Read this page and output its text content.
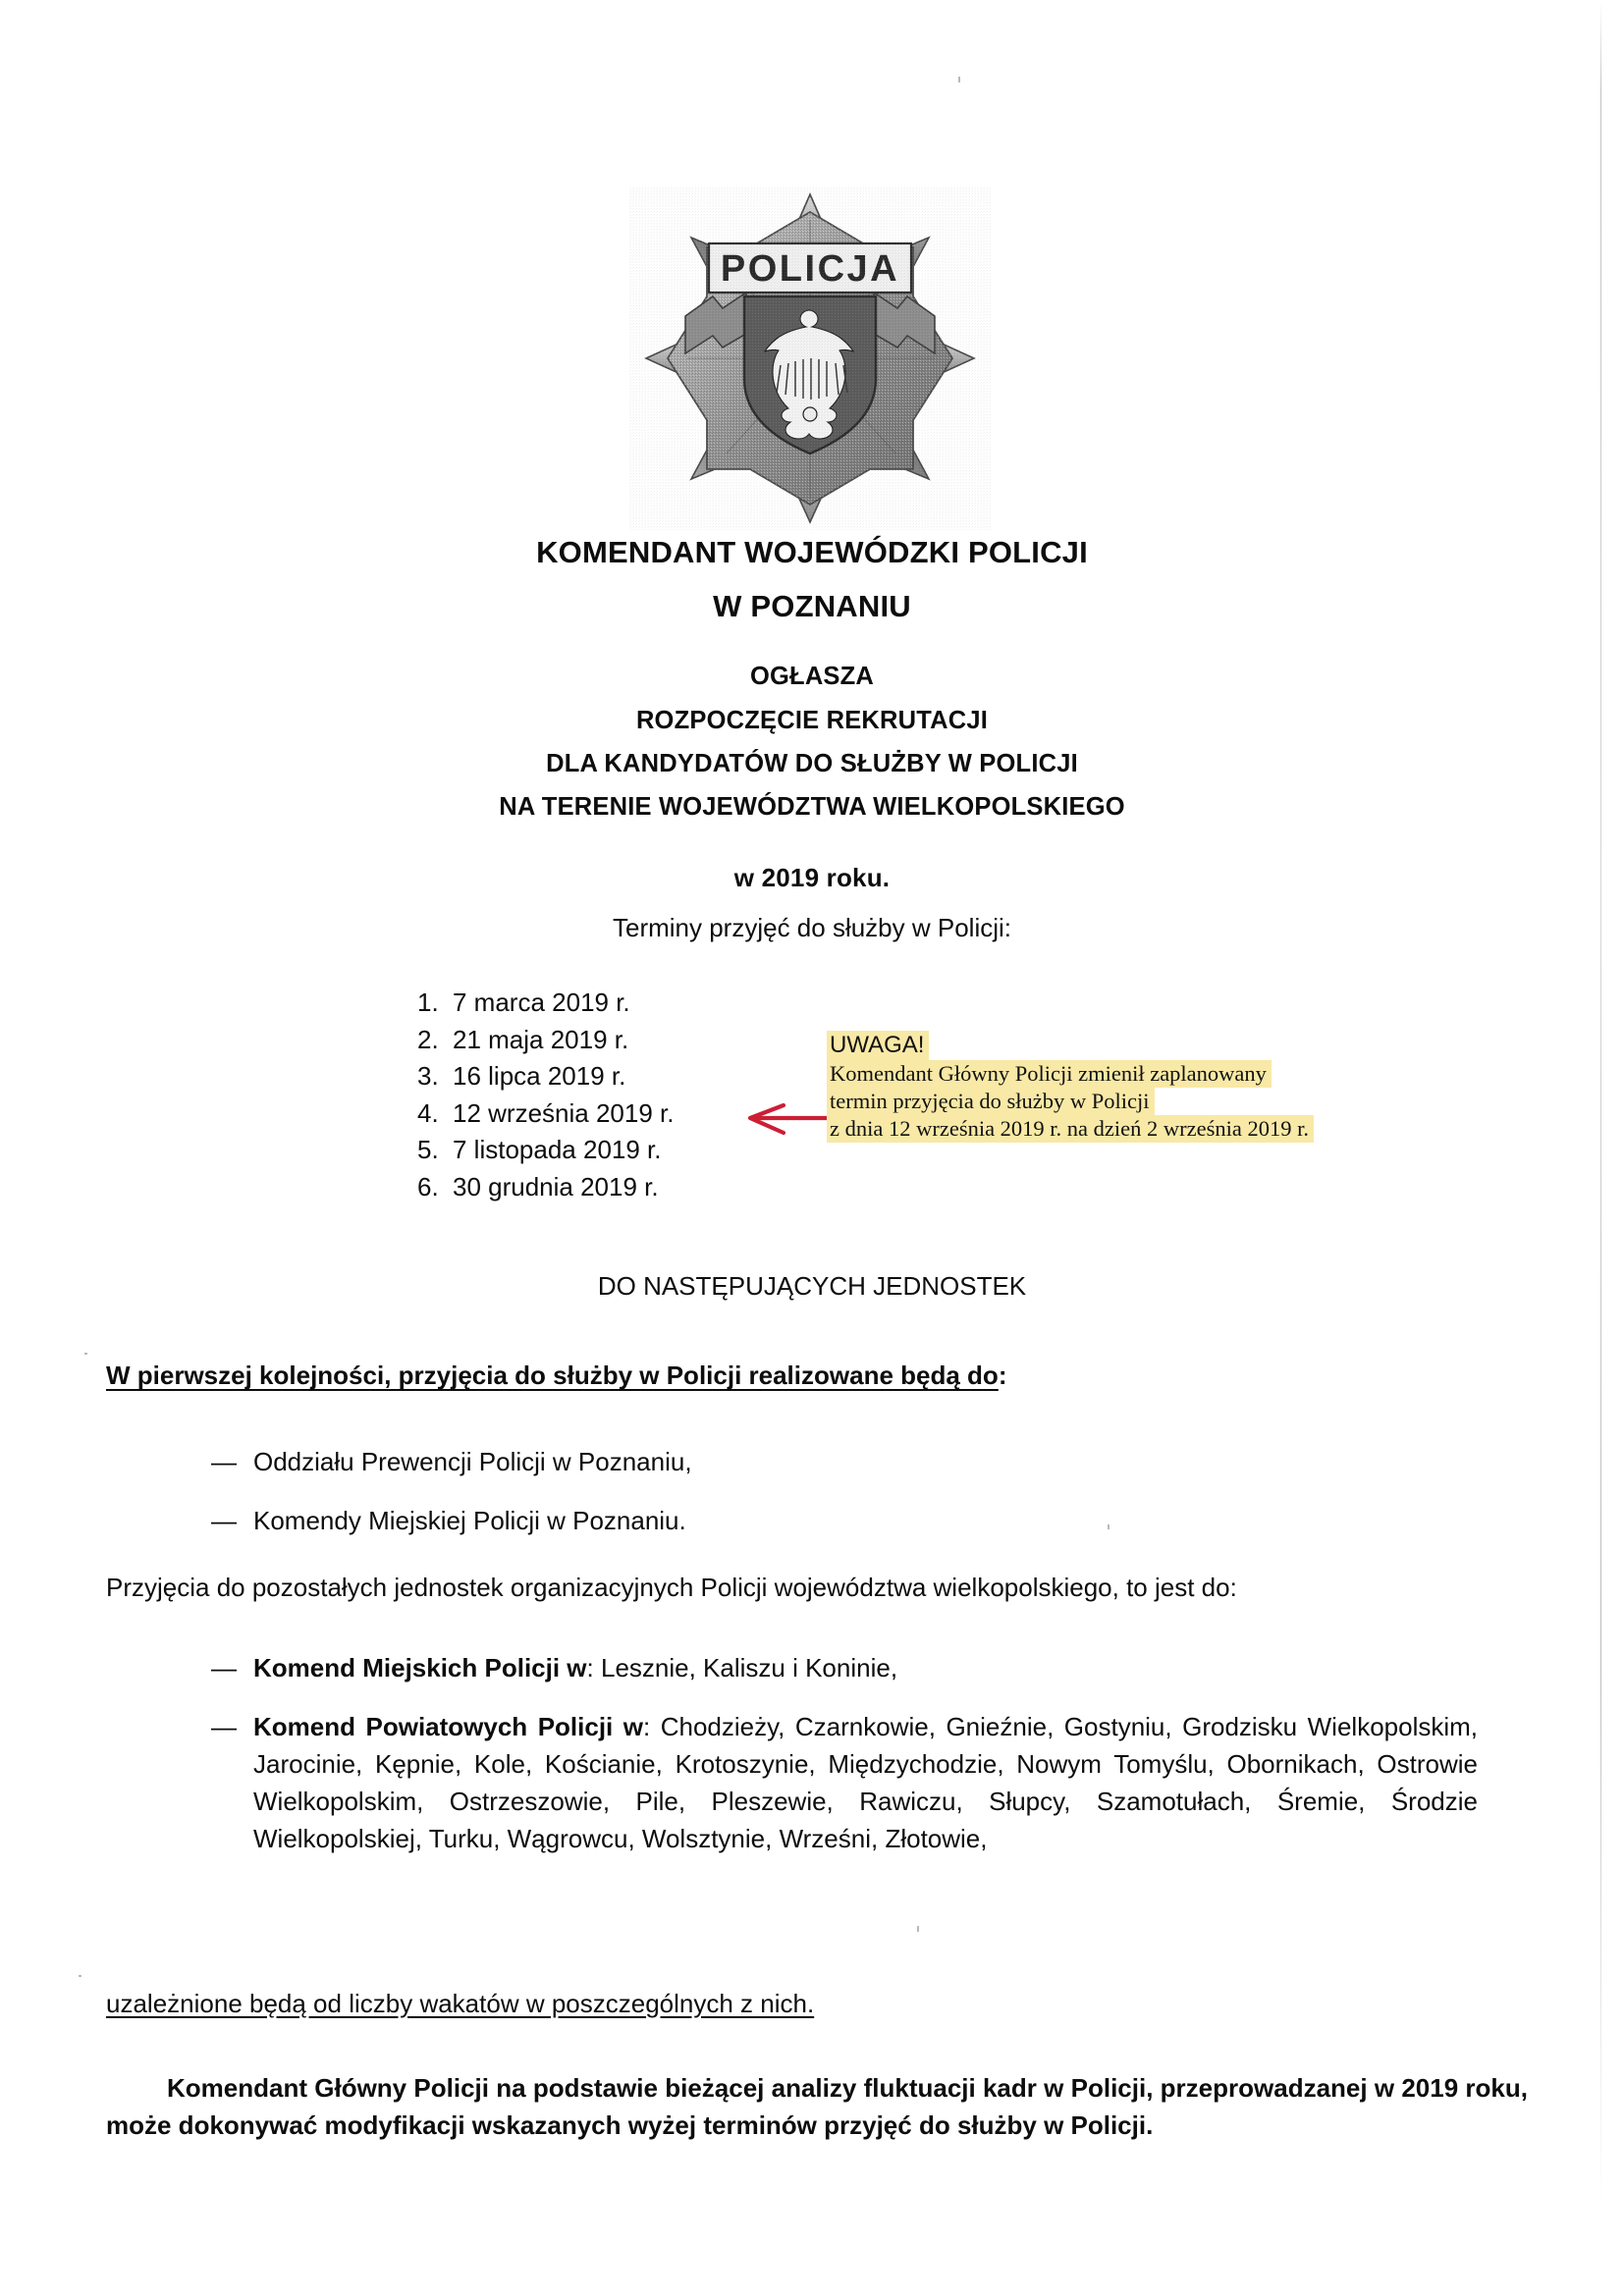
POLICJA
KOMENDANT WOJEWÓDZKI POLICJI
W POZNANIU
OGŁASZA
ROZPOCZĘCIE REKRUTACJI
DLA KANDYDATÓW DO SŁUŻBY W POLICJI
NA TERENIE WOJEWÓDZTWA WIELKOPOLSKIEGO
w 2019 roku.
Terminy przyjęć do służby w Policji:
1. 7 marca 2019 r.
2. 21 maja 2019 r.
3. 16 lipca 2019 r.
4. 12 września 2019 r.
5. 7 listopada 2019 r.
6. 30 grudnia 2019 r.
UWAGA!
Komendant Główny Policji zmienił zaplanowany
termin przyjęcia do służby w Policji
z dnia 12 września 2019 r. na dzień 2 września 2019 r.
DO NASTĘPUJĄCYCH JEDNOSTEK
W pierwszej kolejności, przyjęcia do służby w Policji realizowane będą do:
— Oddziału Prewencji Policji w Poznaniu,
— Komendy Miejskiej Policji w Poznaniu.
Przyjęcia do pozostałych jednostek organizacyjnych Policji województwa wielkopolskiego, to jest do:
— Komend Miejskich Policji w: Lesznie, Kaliszu i Koninie,
— Komend Powiatowych Policji w: Chodzieży, Czarnkowie, Gnieźnie, Gostyniu, Grodzisku Wielkopolskim, Jarocinie, Kępnie, Kole, Kościanie, Krotoszynie, Międzychodzie, Nowym Tomyślu, Obornikach, Ostrowie Wielkopolskim, Ostrzeszowie, Pile, Pleszewie, Rawiczu, Słupcy, Szamotułach, Śremie, Środzie Wielkopolskiej, Turku, Wągrowcu, Wolsztynie, Wrześni, Złotowie,
uzależnione będą od liczby wakatów w poszczególnych z nich.
Komendant Główny Policji na podstawie bieżącej analizy fluktuacji kadr w Policji, przeprowadzanej w 2019 roku, może dokonywać modyfikacji wskazanych wyżej terminów przyjęć do służby w Policji.
